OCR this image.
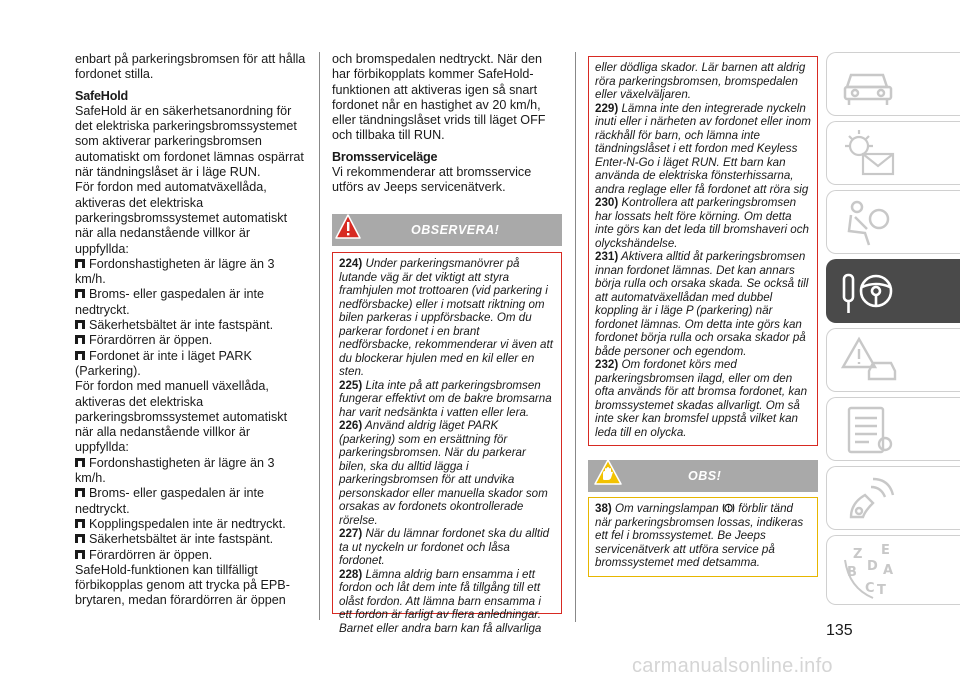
enbart på parkeringsbromsen för att hålla fordonet stilla.

SafeHold

SafeHold är en säkerhetsanordning för det elektriska parkeringsbromssystemet som aktiverar parkeringsbromsen automatiskt om fordonet lämnas ospärrat när tändningslåset är i läge RUN.

För fordon med automatväxellåda, aktiveras det elektriska parkeringsbromssystemet automatiskt när alla nedanstående villkor är uppfyllda:

Fordonshastigheten är lägre än 3 km/h.
Broms- eller gaspedalen är inte nedtryckt.
Säkerhetsbältet är inte fastspänt.
Förardörren är öppen.
Fordonet är inte i läget PARK (Parkering).

För fordon med manuell växellåda, aktiveras det elektriska parkeringsbromssystemet automatiskt när alla nedanstående villkor är uppfyllda:

Fordonshastigheten är lägre än 3 km/h.
Broms- eller gaspedalen är inte nedtryckt.
Kopplingspedalen inte är nedtryckt.
Säkerhetsbältet är inte fastspänt.
Förardörren är öppen.

SafeHold-funktionen kan tillfälligt förbikopplas genom att trycka på EPB-brytaren, medan förardörren är öppen

och bromspedalen nedtryckt. När den har förbikopplats kommer SafeHold-funktionen att aktiveras igen så snart fordonet når en hastighet av 20 km/h, eller tändningslåset vrids till läget OFF och tillbaka till RUN.

Bromsserviceläge

Vi rekommenderar att bromsservice utförs av Jeeps servicenätverk.

OBSERVERA!

224) Under parkeringsmanövrer på lutande väg är det viktigt att styra framhjulen mot trottoaren (vid parkering i nedförsbacke) eller i motsatt riktning om bilen parkeras i uppförsbacke. Om du parkerar fordonet i en brant nedförsbacke, rekommenderar vi även att du blockerar hjulen med en kil eller en sten.

225) Lita inte på att parkeringsbromsen fungerar effektivt om de bakre bromsarna har varit nedsänkta i vatten eller lera.

226) Använd aldrig läget PARK (parkering) som en ersättning för parkeringsbromsen. När du parkerar bilen, ska du alltid lägga i parkeringsbromsen för att undvika personskador eller manuella skador som orsakas av fordonets okontrollerade rörelse.

227) När du lämnar fordonet ska du alltid ta ut nyckeln ur fordonet och låsa fordonet.

228) Lämna aldrig barn ensamma i ett fordon och låt dem inte få tillgång till ett olåst fordon. Att lämna barn ensamma i ett fordon är farligt av flera anledningar. Barnet eller andra barn kan få allvarliga

eller dödliga skador. Lär barnen att aldrig röra parkeringsbromsen, bromspedalen eller växelväljaren.

229) Lämna inte den integrerade nyckeln inuti eller i närheten av fordonet eller inom räckhåll för barn, och lämna inte tändningslåset i ett fordon med Keyless Enter-N-Go i läget RUN. Ett barn kan använda de elektriska fönsterhissarna, andra reglage eller få fordonet att röra sig

230) Kontrollera att parkeringsbromsen har lossats helt före körning. Om detta inte görs kan det leda till bromshaveri och olyckshändelse.

231) Aktivera alltid åt parkeringsbromsen innan fordonet lämnas. Det kan annars börja rulla och orsaka skada. Se också till att automatväxellådan med dubbel koppling är i läge P (parkering) när fordonet lämnas. Om detta inte görs kan fordonet börja rulla och orsaka skador på både personer och egendom.

232) Om fordonet körs med parkeringsbromsen ilagd, eller om den ofta används för att bromsa fordonet, kan bromssystemet skadas allvarligt. Om så inte sker kan bromsfel uppstå vilket kan leda till en olycka.

OBS!

38) Om varningslampan förblir tänd när parkeringsbromsen lossas, indikeras ett fel i bromssystemet. Be Jeeps servicenätverk att utföra service på bromssystemet med detsamma.

Z E
B
C T
A
D
135
carmanualsonline.info
